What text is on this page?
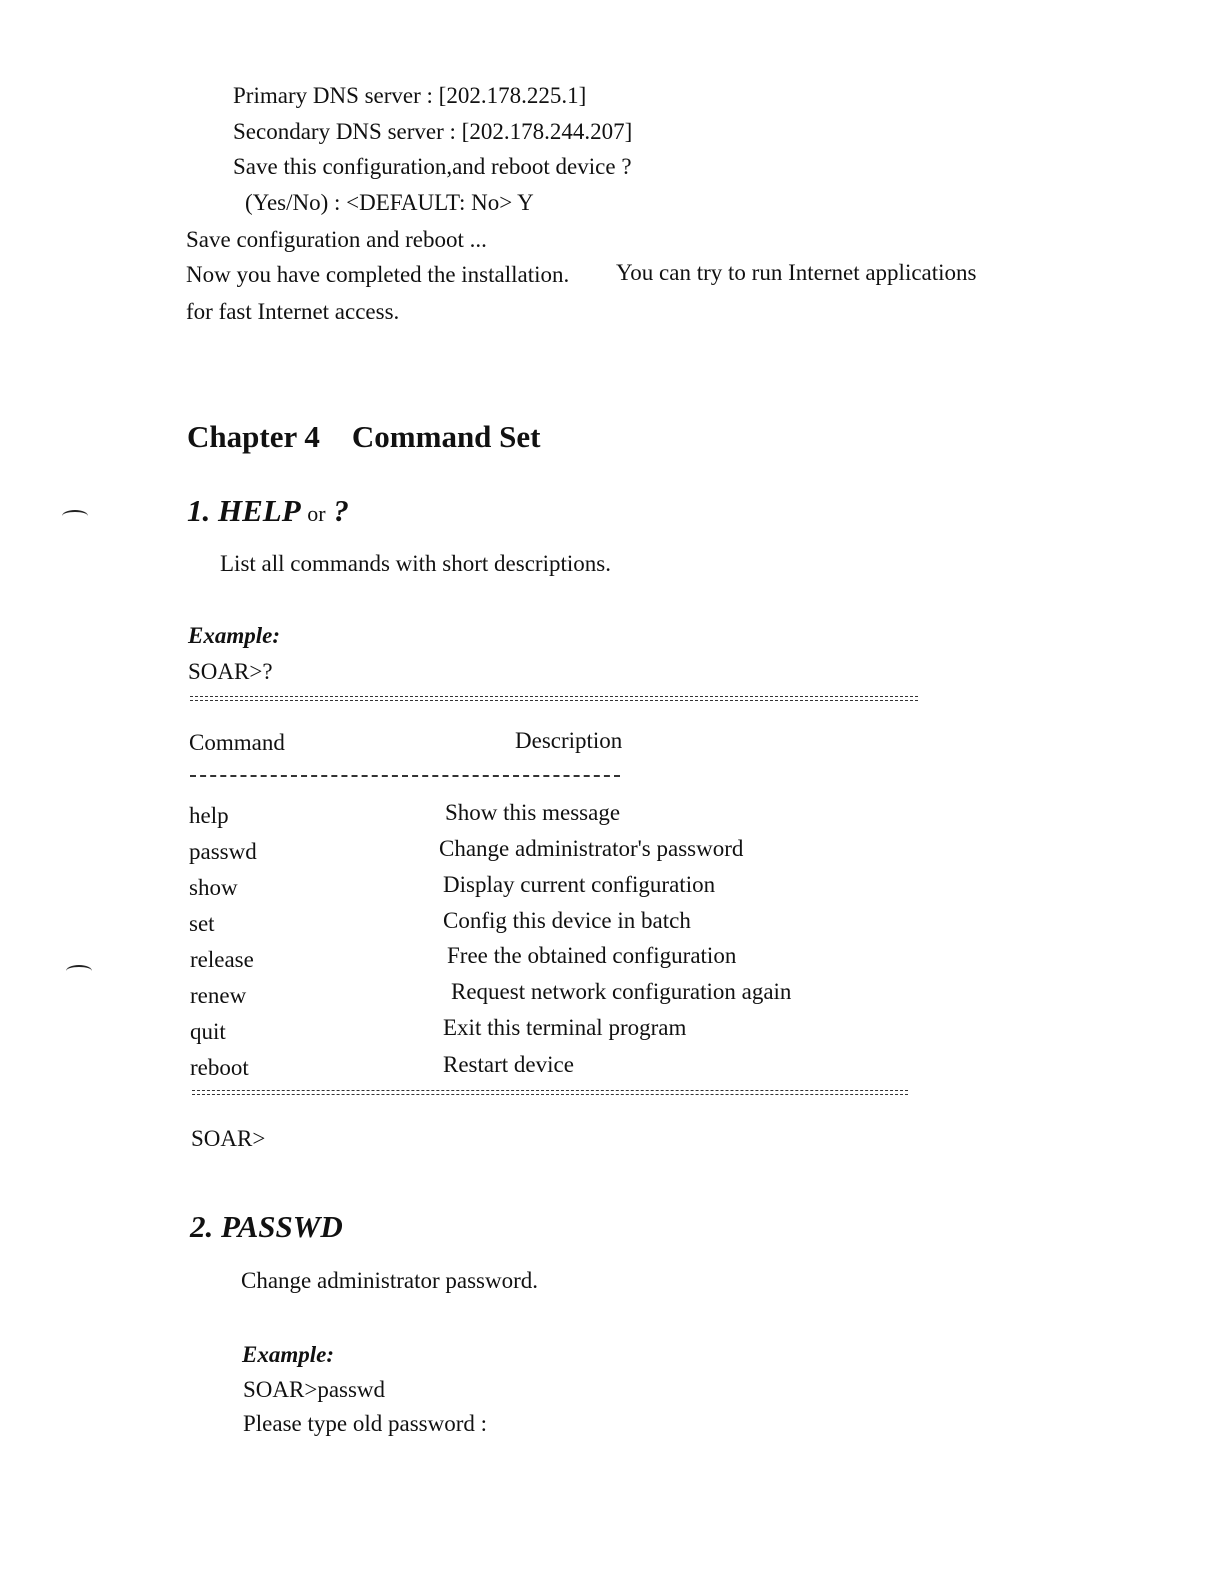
Primary DNS server : [202.178.225.1]
Secondary DNS server : [202.178.244.207]
Save this configuration,and reboot device ?
(Yes/No) : <DEFAULT: No> Y
Save configuration and reboot ...
Now you have completed the installation. You can try to run Internet applications
for fast Internet access.
Chapter 4 Command Set
1. HELP or ?
List all commands with short descriptions.
Example:
SOAR>?
Command	Description
help	Show this message
passwd	Change administrator's password
show	Display current configuration
set	Config this device in batch
release	Free the obtained configuration
renew	Request network configuration again
quit	Exit this terminal program
reboot	Restart device
SOAR>
2. PASSWD
Change administrator password.
Example:
SOAR>passwd
Please type old password :
